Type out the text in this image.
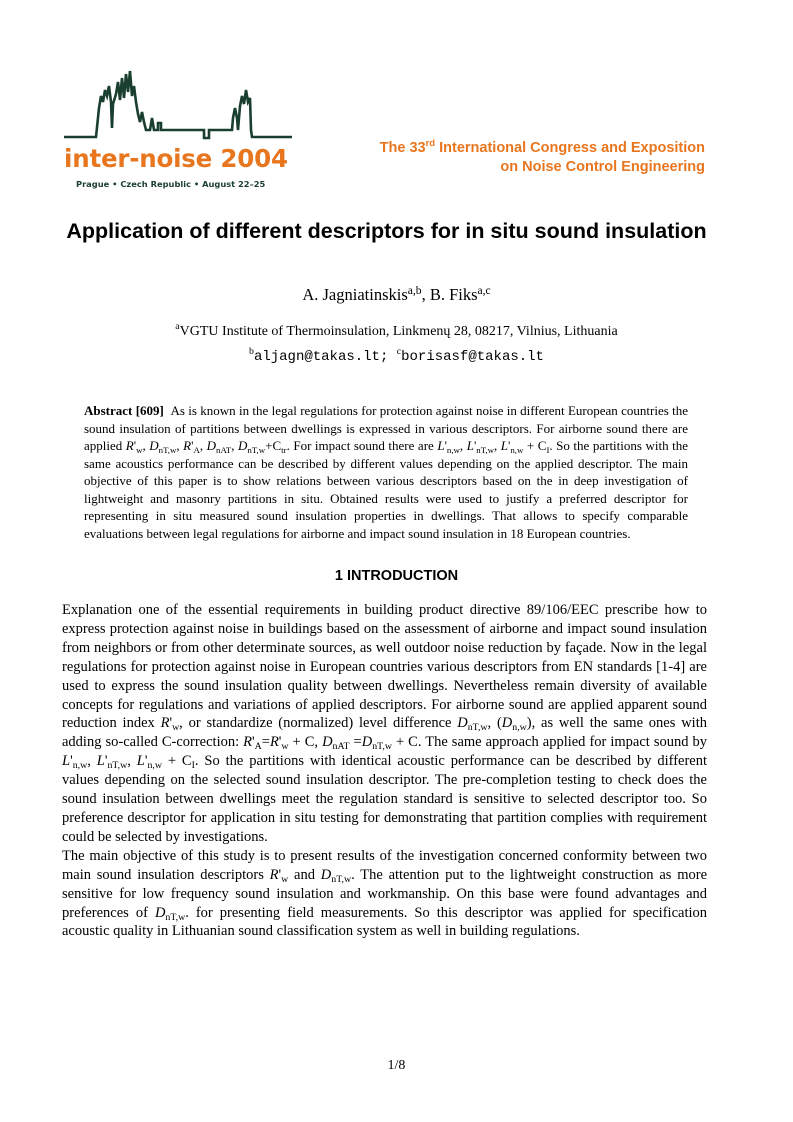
inter-noise 2004
Prague • Czech Republic • August 22–25
The 33rd International Congress and Exposition
on Noise Control Engineering
Application of different descriptors for in situ sound insulation
A. Jagniatinskis$^{a,b}$, B. Fiks$^{a,c}$
$^a$VGTU Institute of Thermoinsulation, Linkmenų 28, 08217, Vilnius, Lithuania
$^b$aljagn@takas.lt; $^c$borisasf@takas.lt
Abstract [609] As is known in the legal regulations for protection against noise in different European countries the sound insulation of partitions between dwellings is expressed in various descriptors. For airborne sound there are applied $R'_w$, $D_{nT,w}$, $R'_A$, $D_{nAT}$, $D_{nT,w}+C_{tr}$. For impact sound there are $L'_{n,w}$, $L'_{nT,w}$, $L'_{n,w} + C_I$. So the partitions with the same acoustics performance can be described by different values depending on the applied descriptor. The main objective of this paper is to show relations between various descriptors based on the in deep investigation of lightweight and masonry partitions in situ. Obtained results were used to justify a preferred descriptor for representing in situ measured sound insulation properties in dwellings. That allows to specify comparable evaluations between legal regulations for airborne and impact sound insulation in 18 European countries.
1 INTRODUCTION

Explanation one of the essential requirements in building product directive 89/106/EEC prescribe how to express protection against noise in buildings based on the assessment of airborne and impact sound insulation from neighbors or from other determinate sources, as well outdoor noise reduction by façade. Now in the legal regulations for protection against noise in European countries various descriptors from EN standards [1-4] are used to express the sound insulation quality between dwellings. Nevertheless remain diversity of available concepts for regulations and variations of applied descriptors. For airborne sound are applied apparent sound reduction index $R'_w$, or standardize (normalized) level difference $D_{nT,w}$, $(D_{n,w})$, as well the same ones with adding so-called C-correction: $R'_A=R'_w + C$, $D_{nAT} =D_{nT,w} + C$. The same approach applied for impact sound by $L'_{n,w}$, $L'_{nT,w}$, $L'_{n,w} + C_I$. So the partitions with identical acoustic performance can be described by different values depending on the selected sound insulation descriptor. The pre-completion testing to check does the sound insulation between dwellings meet the regulation standard is sensitive to selected descriptor too. So preference descriptor for application in situ testing for demonstrating that partition complies with requirement could be selected by investigations.

The main objective of this study is to present results of the investigation concerned conformity between two main sound insulation descriptors $R'_w$ and $D_{nT,w}$. The attention put to the lightweight construction as more sensitive for low frequency sound insulation and workmanship. On this base were found advantages and preferences of $D_{nT,w}$. for presenting field measurements. So this descriptor was applied for specification acoustic quality in Lithuanian sound classification system as well in building regulations.

1/8
